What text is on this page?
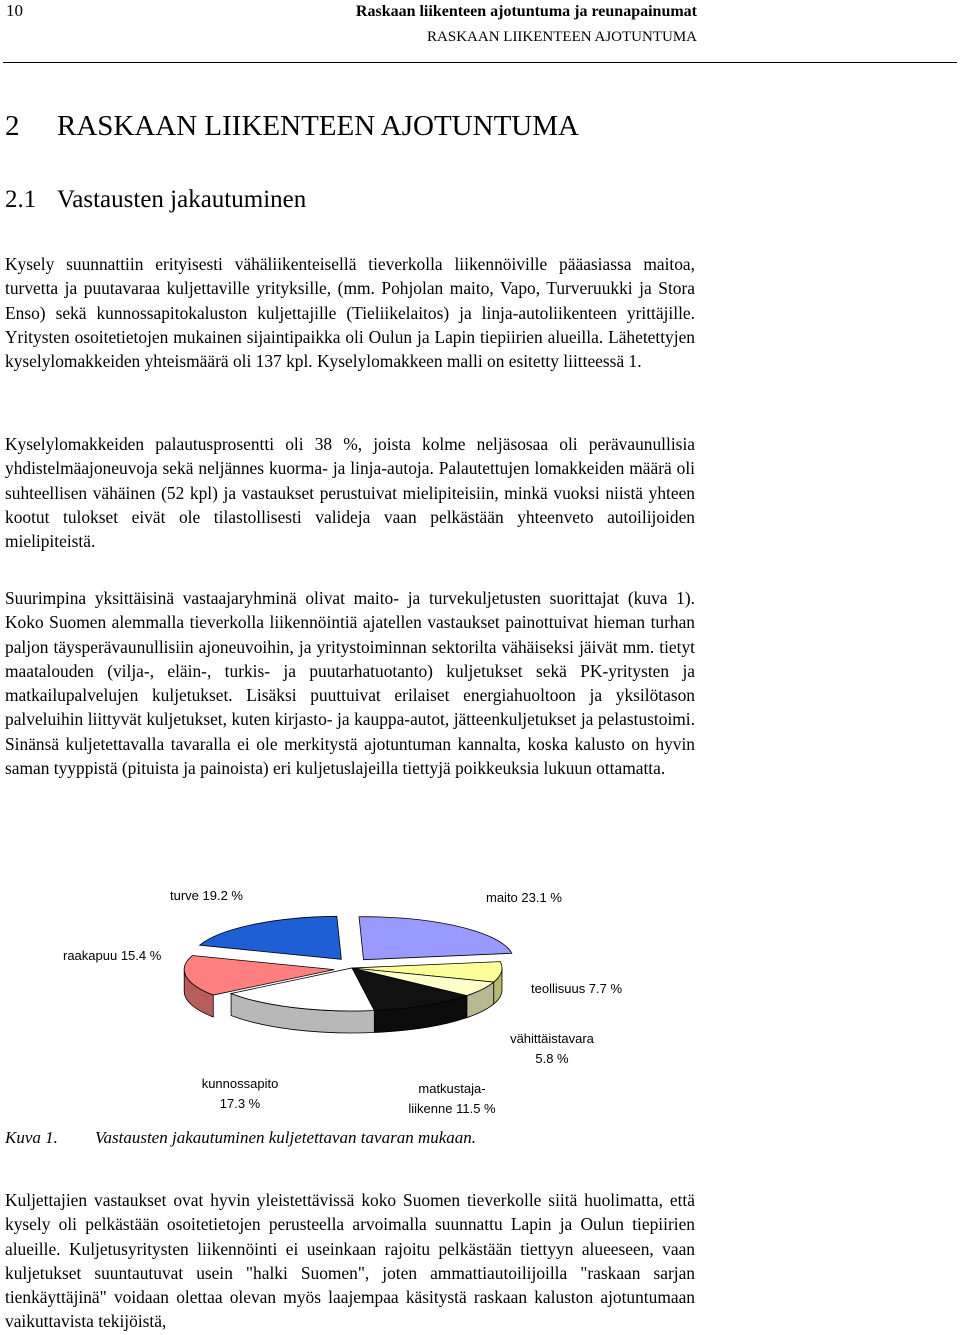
10	Raskaan liikenteen ajotuntuma ja reunapainumat
RASKAAN LIIKENTEEN AJOTUNTUMA
2 RASKAAN LIIKENTEEN AJOTUNTUMA
2.1 Vastausten jakautuminen

Kysely suunnattiin erityisesti vähäliikenteisellä tieverkolla liikennöiville pääasiassa maitoa, turvetta ja puutavaraa kuljettaville yrityksille, (mm. Pohjolan maito, Vapo, Turveruukki ja Stora Enso) sekä kunnossapitokaluston kuljettajille (Tieliikelaitos) ja linja-autoliikenteen yrittäjille. Yritysten osoitetietojen mukainen sijaintipaikka oli Oulun ja Lapin tiepiirien alueilla. Lähetettyjen kyselylomakkeiden yhteismäärä oli 137 kpl. Kyselylomakkeen malli on esitetty liitteessä 1.

Kyselylomakkeiden palautusprosentti oli 38 %, joista kolme neljäsosaa oli perävaunullisia yhdistelmäajoneuvoja sekä neljännes kuorma- ja linja-autoja. Palautettujen lomakkeiden määrä oli suhteellisen vähäinen (52 kpl) ja vastaukset perustuivat mielipiteisiin, minkä vuoksi niistä yhteen kootut tulokset eivät ole tilastollisesti valideja vaan pelkästään yhteenveto autoilijoiden mielipiteistä.

Suurimpina yksittäisinä vastaajaryhminä olivat maito- ja turvekuljetusten suorittajat (kuva 1). Koko Suomen alemmalla tieverkolla liikennöintiä ajatellen vastaukset painottuivat hieman turhan paljon täysperävaunullisiin ajoneuvoihin, ja yritystoiminnan sektorilta vähäiseksi jäivät mm. tietyt maatalouden (vilja-, eläin-, turkis- ja puutarhatuotanto) kuljetukset sekä PK-yritysten ja matkailupalvelujen kuljetukset. Lisäksi puuttuivat erilaiset energiahuoltoon ja yksilötason palveluihin liittyvät kuljetukset, kuten kirjasto- ja kauppa-autot, jätteenkuljetukset ja pelastustoimi. Sinänsä kuljetettavalla tavaralla ei ole merkitystä ajotuntuman kannalta, koska kalusto on hyvin saman tyyppistä (pituista ja painoista) eri kuljetuslajeilla tiettyjä poikkeuksia lukuun ottamatta.

maito 23.1 %
teollisuus 7.7 %
vähittäistavara 5.8 %
matkustaja-liikenne 11.5 %
kunnossapito 17.3 %
raakapuu 15.4 %
turve 19.2 %
Kuva 1. Vastausten jakautuminen kuljetettavan tavaran mukaan.

Kuljettajien vastaukset ovat hyvin yleistettävissä koko Suomen tieverkolle siitä huolimatta, että kysely oli pelkästään osoitetietojen perusteella arvoimalla suunnattu Lapin ja Oulun tiepiirien alueille. Kuljetusyritysten liikennöinti ei useinkaan rajoitu pelkästään tiettyyn alueeseen, vaan kuljetukset suuntautuvat usein "halki Suomen", joten ammattiautoilijoilla "raskaan sarjan tienkäyttäjinä" voidaan olettaa olevan myös laajempaa käsitystä raskaan kaluston ajotuntumaan vaikuttavista tekijöistä,
